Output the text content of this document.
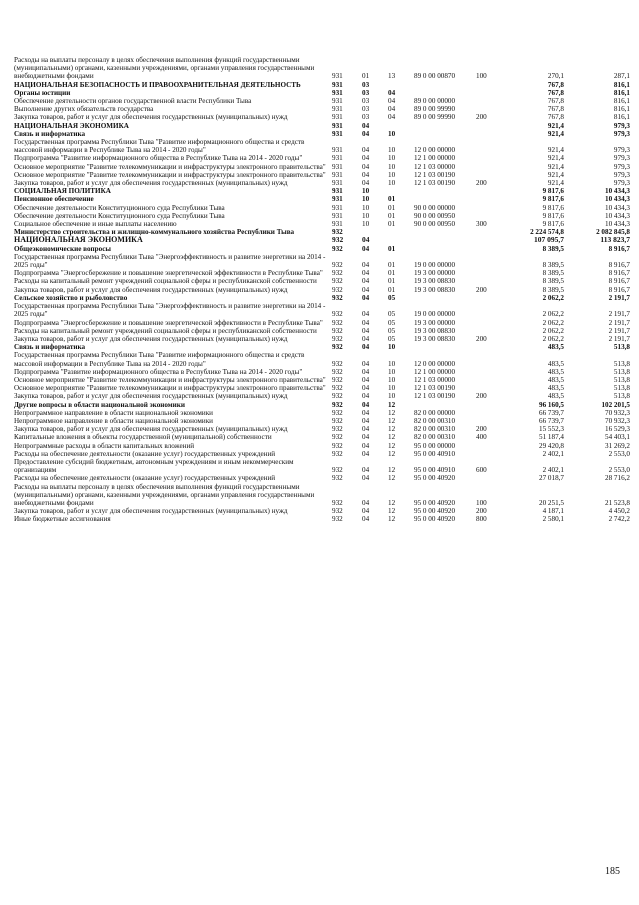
Расходы на выплаты персоналу в целях обеспечения выполнения функций государственными (муниципальными) органами, казенными учреждениями, органами управления государственными внебюджетными фондами	931	01	13	89 0 00 00870	100	270,1	287,1
НАЦИОНАЛЬНАЯ БЕЗОПАСНОСТЬ И ПРАВООХРАНИТЕЛЬНАЯ ДЕЯТЕЛЬНОСТЬ	931	03				767,8	816,1
Органы юстиции	931	03	04			767,8	816,1
Обеспечение деятельности органов государственной власти Республики Тыва	931	03	04	89 0 00 00000		767,8	816,1
Выполнение других обязательств государства	931	03	04	89 0 00 99990		767,8	816,1
Закупка товаров, работ и услуг для обеспечения государственных (муниципальных) нужд	931	03	04	89 0 00 99990	200	767,8	816,1
НАЦИОНАЛЬНАЯ ЭКОНОМИКА	931	04				921,4	979,3
Связь и информатика	931	04	10			921,4	979,3
Государственная программа Республики Тыва "Развитие информационного общества и средств массовой информации в Республике Тыва на 2014 - 2020 годы"	931	04	10	12 0 00 00000		921,4	979,3
Подпрограмма "Развитие информационного общества в Республике Тыва на 2014 - 2020 годы"	931	04	10	12 1 00 00000		921,4	979,3
Основное мероприятие "Развитие телекоммуникации и инфраструктуры электронного правительства"	931	04	10	12 1 03 00000		921,4	979,3
Основное мероприятие "Развитие телекоммуникации и инфраструктуры электронного правительства"	931	04	10	12 1 03 00190		921,4	979,3
Закупка товаров, работ и услуг для обеспечения государственных (муниципальных) нужд	931	04	10	12 1 03 00190	200	921,4	979,3
СОЦИАЛЬНАЯ ПОЛИТИКА	931	10				9 817,6	10 434,3
Пенсионное обеспечение	931	10	01			9 817,6	10 434,3
Обеспечение деятельности Конституционного суда Республики Тыва	931	10	01	90 0 00 00000		9 817,6	10 434,3
Обеспечение деятельности Конституционного суда Республики Тыва	931	10	01	90 0 00 00950		9 817,6	10 434,3
Социальное обеспечение и иные выплаты населению	931	10	01	90 0 00 00950	300	9 817,6	10 434,3
Министерство строительства и жилищно-коммунального хозяйства Республики Тыва	932					2 224 574,8	2 082 845,8
НАЦИОНАЛЬНАЯ ЭКОНОМИКА	932	04				107 095,7	113 823,7
Общеэкономические вопросы	932	04	01			8 389,5	8 916,7
Государственная программа Республики Тыва "Энергоэффективность и развитие энергетики на 2014 - 2025 годы"	932	04	01	19 0 00 00000		8 389,5	8 916,7
Подпрограмма "Энергосбережение и повышение энергетической эффективности в Республике Тыва"	932	04	01	19 3 00 00000		8 389,5	8 916,7
Расходы на капитальный ремонт учреждений социальной сферы и республиканской собственности	932	04	01	19 3 00 08830		8 389,5	8 916,7
Закупка товаров, работ и услуг для обеспечения государственных (муниципальных) нужд	932	04	01	19 3 00 08830	200	8 389,5	8 916,7
Сельское хозяйство и рыболовство	932	04	05			2 062,2	2 191,7
Государственная программа Республики Тыва "Энергоэффективность и развитие энергетики на 2014 - 2025 годы"	932	04	05	19 0 00 00000		2 062,2	2 191,7
Подпрограмма "Энергосбережение и повышение энергетической эффективности в Республике Тыва"	932	04	05	19 3 00 00000		2 062,2	2 191,7
Расходы на капитальный ремонт учреждений социальной сферы и республиканской собственности	932	04	05	19 3 00 08830		2 062,2	2 191,7
Закупка товаров, работ и услуг для обеспечения государственных (муниципальных) нужд	932	04	05	19 3 00 08830	200	2 062,2	2 191,7
Связь и информатика	932	04	10			483,5	513,8
Государственная программа Республики Тыва "Развитие информационного общества и средств массовой информации в Республике Тыва на 2014 - 2020 годы"	932	04	10	12 0 00 00000		483,5	513,8
Подпрограмма "Развитие информационного общества в Республике Тыва на 2014 - 2020 годы"	932	04	10	12 1 00 00000		483,5	513,8
Основное мероприятие "Развитие телекоммуникации и инфраструктуры электронного правительства"	932	04	10	12 1 03 00000		483,5	513,8
Основное мероприятие "Развитие телекоммуникации и инфраструктуры электронного правительства"	932	04	10	12 1 03 00190		483,5	513,8
Закупка товаров, работ и услуг для обеспечения государственных (муниципальных) нужд	932	04	10	12 1 03 00190	200	483,5	513,8
Другие вопросы в области национальной экономики	932	04	12			96 160,5	102 201,5
Непрограммное направление в области национальной экономики	932	04	12	82 0 00 00000		66 739,7	70 932,3
Непрограммное направление в области национальной экономики	932	04	12	82 0 00 00310		66 739,7	70 932,3
Закупка товаров, работ и услуг для обеспечения государственных (муниципальных) нужд	932	04	12	82 0 00 00310	200	15 552,3	16 529,3
Капитальные вложения в объекты государственной (муниципальной) собственности	932	04	12	82 0 00 00310	400	51 187,4	54 403,1
Непрограммные расходы в области капитальных вложений	932	04	12	95 0 00 00000		29 420,8	31 269,2
Расходы на обеспечение деятельности (оказание услуг) государственных учреждений	932	04	12	95 0 00 40910		2 402,1	2 553,0
Предоставление субсидий бюджетным, автономным учреждениям и иным некоммерческим организациям	932	04	12	95 0 00 40910	600	2 402,1	2 553,0
Расходы на обеспечение деятельности (оказание услуг) государственных учреждений	932	04	12	95 0 00 40920		27 018,7	28 716,2
Расходы на выплаты персоналу в целях обеспечения выполнения функций государственными (муниципальными) органами, казенными учреждениями, органами управления государственными внебюджетными фондами	932	04	12	95 0 00 40920	100	20 251,5	21 523,8
Закупка товаров, работ и услуг для обеспечения государственных (муниципальных) нужд	932	04	12	95 0 00 40920	200	4 187,1	4 450,2
Иные бюджетные ассигнования	932	04	12	95 0 00 40920	800	2 580,1	2 742,2
185
